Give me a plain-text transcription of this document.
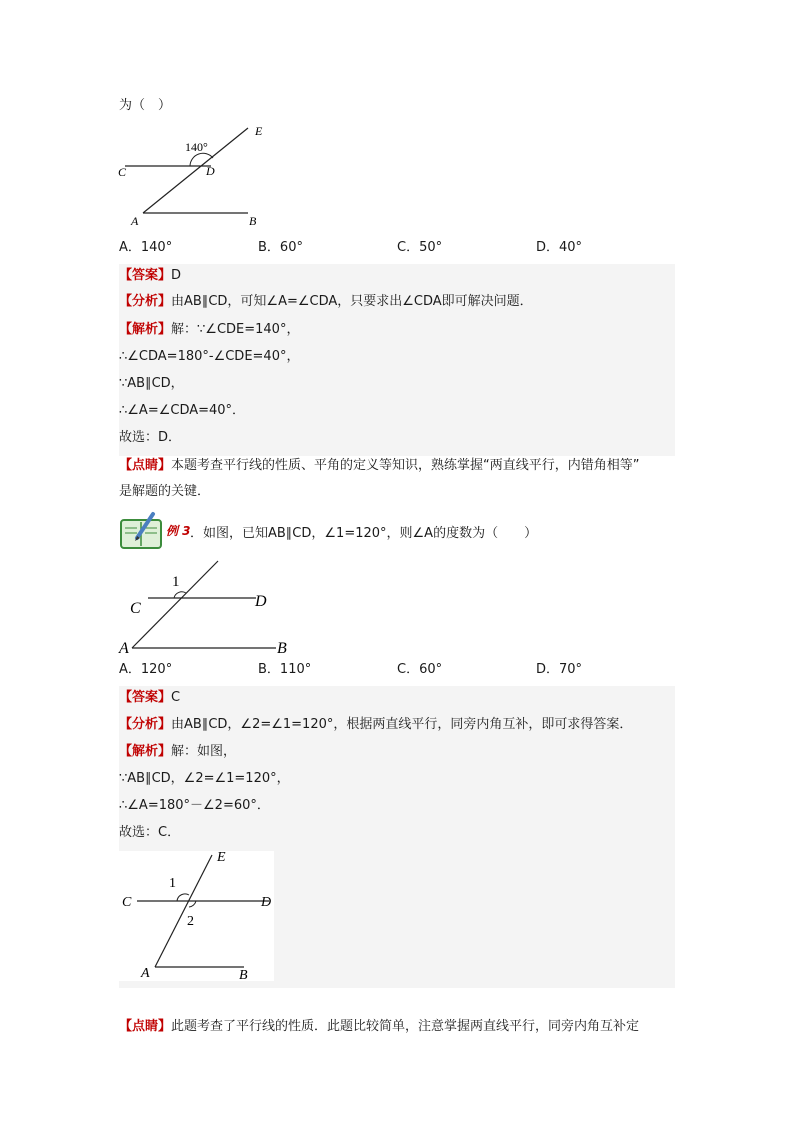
为（　）
140°
E
C	D
A	B
A．140°	B．60°	C．50°	D．40°
【答案】D
【分析】由AB∥CD，可知∠A=∠CDA，只要求出∠CDA即可解决问题．
【解析】解：∵∠CDE=140°，
∴∠CDA=180°-∠CDE=40°，
∵AB∥CD，
∴∠A=∠CDA=40°．
故选：D．
【点睛】本题考查平行线的性质、平角的定义等知识，熟练掌握“两直线平行，内错角相等”
是解题的关键．
例 3 ．如图，已知AB∥CD，∠1=120°，则∠A的度数为（　　）
1
C	D
A	B
A．120°	B．110°	C．60°	D．70°
【答案】C
【分析】由AB∥CD，∠2=∠1=120°，根据两直线平行，同旁内角互补，即可求得答案．
【解析】解：如图，
∵AB∥CD，∠2=∠1=120°，
∴∠A=180°－∠2=60°．
故选：C．
E
1
C	D
2
A	B
【点睛】此题考查了平行线的性质．此题比较简单，注意掌握两直线平行，同旁内角互补定
